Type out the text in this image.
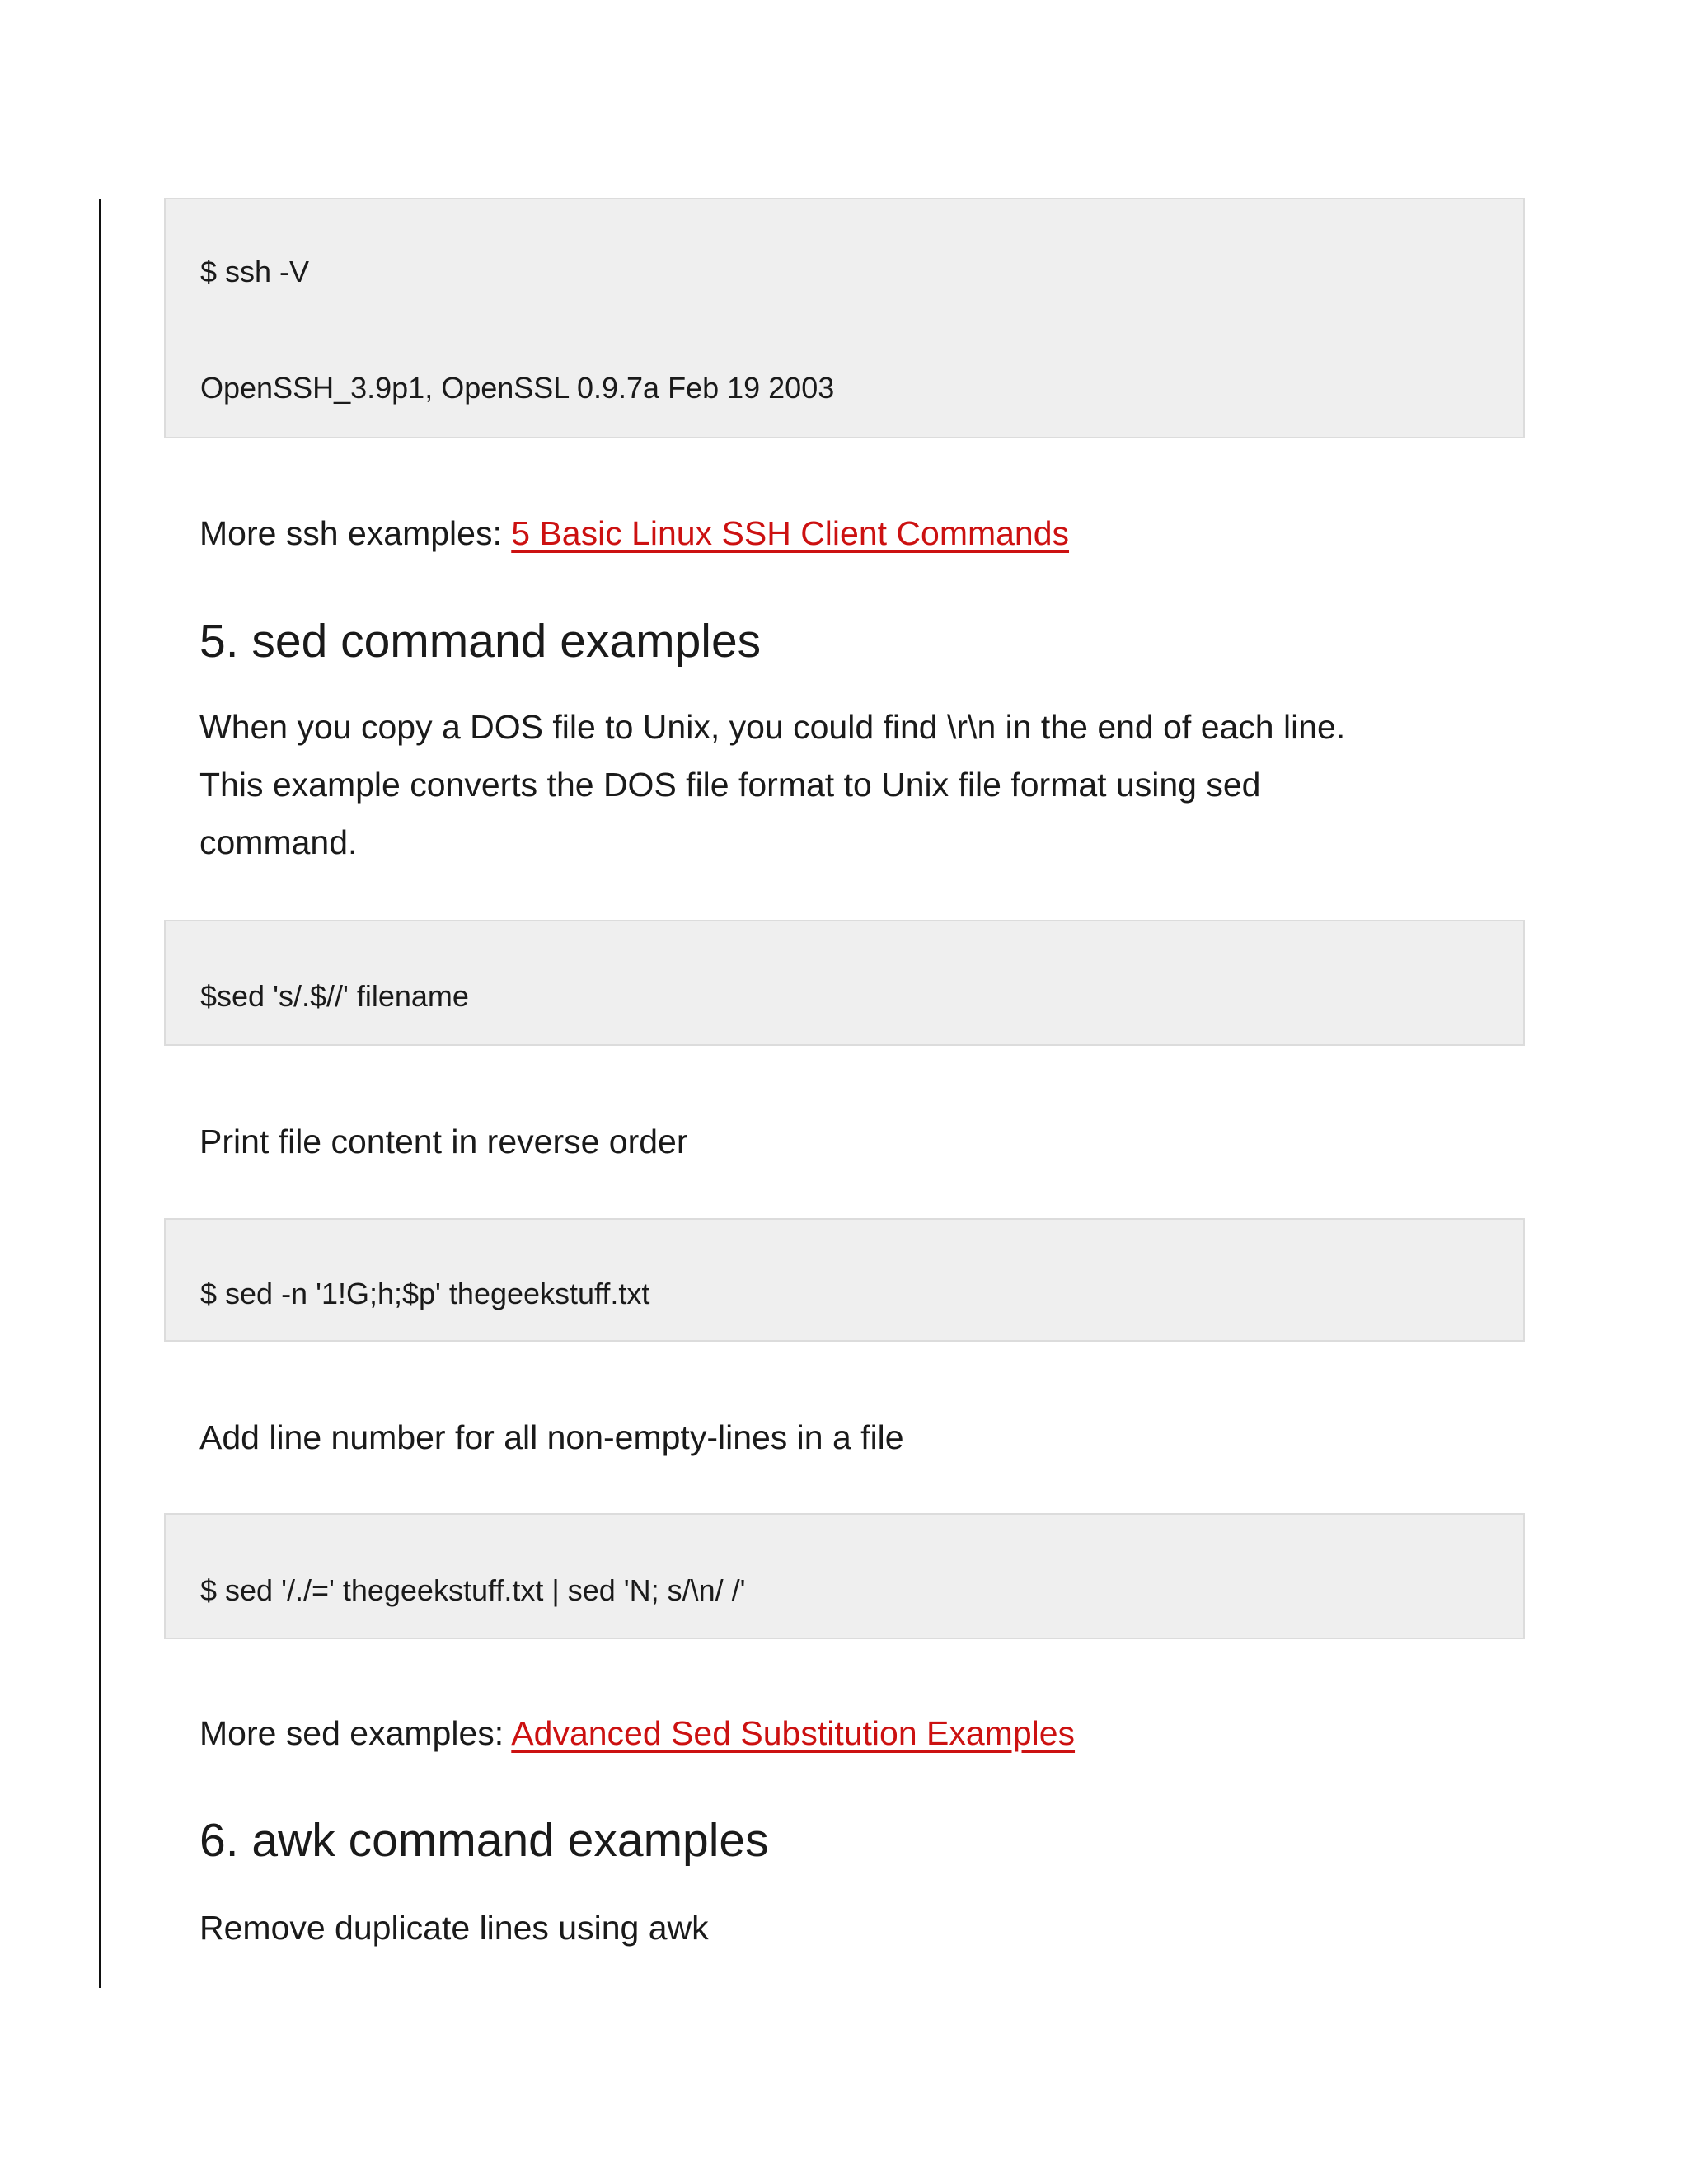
$ ssh -V
OpenSSH_3.9p1, OpenSSL 0.9.7a Feb 19 2003
More ssh examples: 5 Basic Linux SSH Client Commands
5. sed command examples
When you copy a DOS file to Unix, you could find \r\n in the end of each line.
This example converts the DOS file format to Unix file format using sed
command.
$sed 's/.$//' filename
Print file content in reverse order
$ sed -n '1!G;h;$p' thegeekstuff.txt
Add line number for all non-empty-lines in a file
$ sed '/./=' thegeekstuff.txt | sed 'N; s/\n/ /'
More sed examples: Advanced Sed Substitution Examples
6. awk command examples
Remove duplicate lines using awk
